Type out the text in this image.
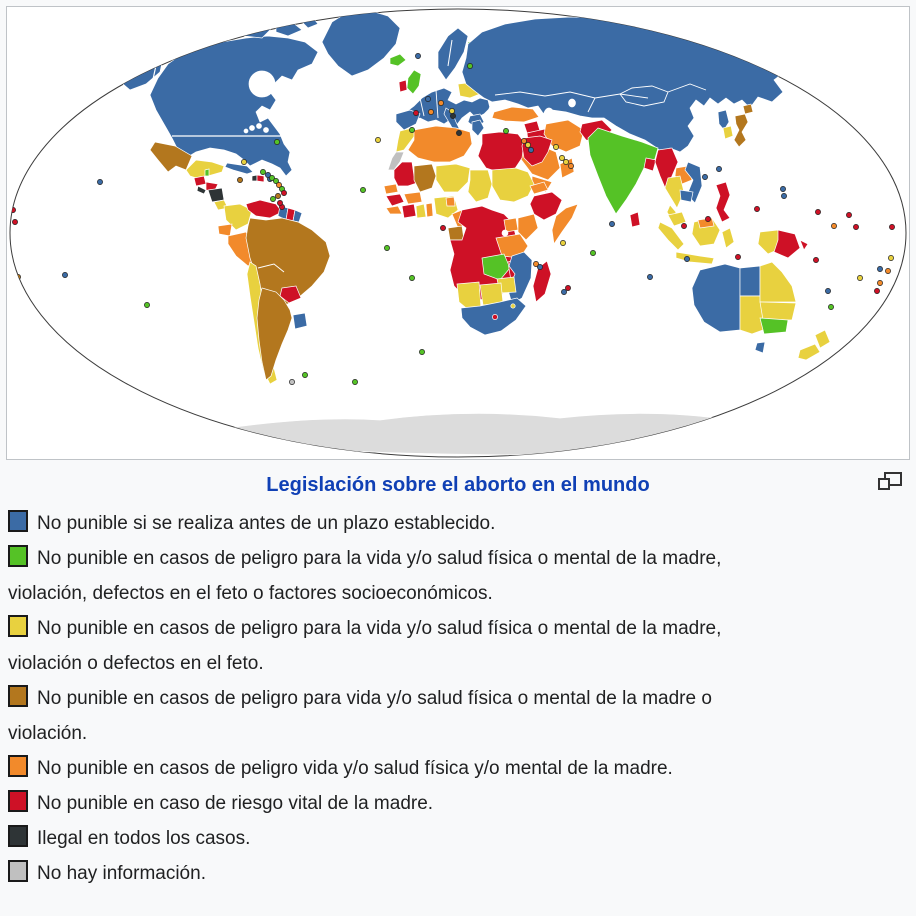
Legislación sobre el aborto en el mundo
No punible si se realiza antes de un plazo establecido.
No punible en casos de peligro para la vida y/o salud física o mental de la madre,
violación, defectos en el feto o factores socioeconómicos.
No punible en casos de peligro para la vida y/o salud física o mental de la madre,
violación o defectos en el feto.
No punible en casos de peligro para vida y/o salud física o mental de la madre o
violación.
No punible en casos de peligro vida y/o salud física y/o mental de la madre.
No punible en caso de riesgo vital de la madre.
Ilegal en todos los casos.
No hay información.
